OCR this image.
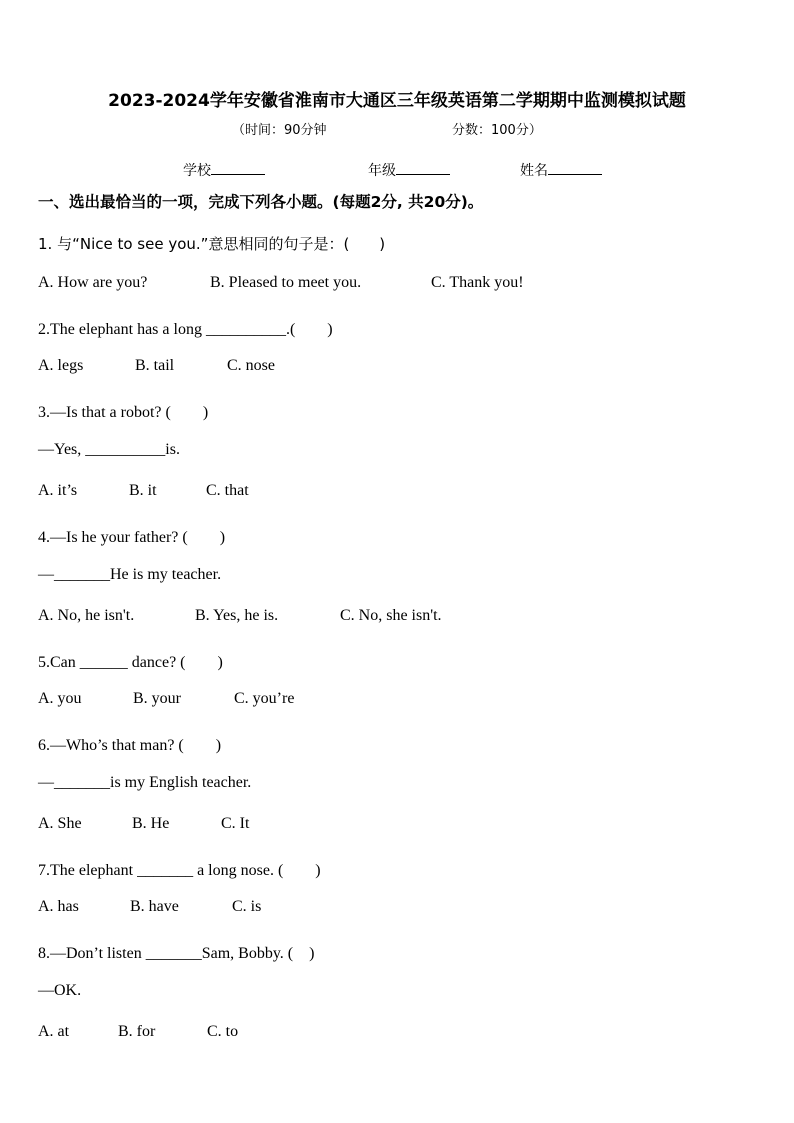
2023-2024学年安徽省淮南市大通区三年级英语第二学期期中监测模拟试题
（时间：90分钟	分数：100分）
学校	年级	姓名
一、选出最恰当的一项，完成下列各小题。(每题2分, 共20分)。
1. 与“Nice to see you.”意思相同的句子是：(　　)
A. How are you?	B. Pleased to meet you.	C. Thank you!
2.The elephant has a long __________.(　　)
A. legs	B. tail	C. nose
3.—Is that a robot? (　　)
—Yes, __________is.
A. it’s	B. it	C. that
4.—Is he your father? (　　)
—_______He is my teacher.
A. No, he isn't.	B. Yes, he is.	C. No, she isn't.
5.Can ______ dance? (　　)
A. you	B. your	C. you’re
6.—Who’s that man? (　　)
—_______is my English teacher.
A. She	B. He	C. It
7.The elephant _______ a long nose. (　　)
A. has	B. have	C. is
8.—Don’t listen _______Sam, Bobby. (　)
—OK.
A. at	B. for	C. to
